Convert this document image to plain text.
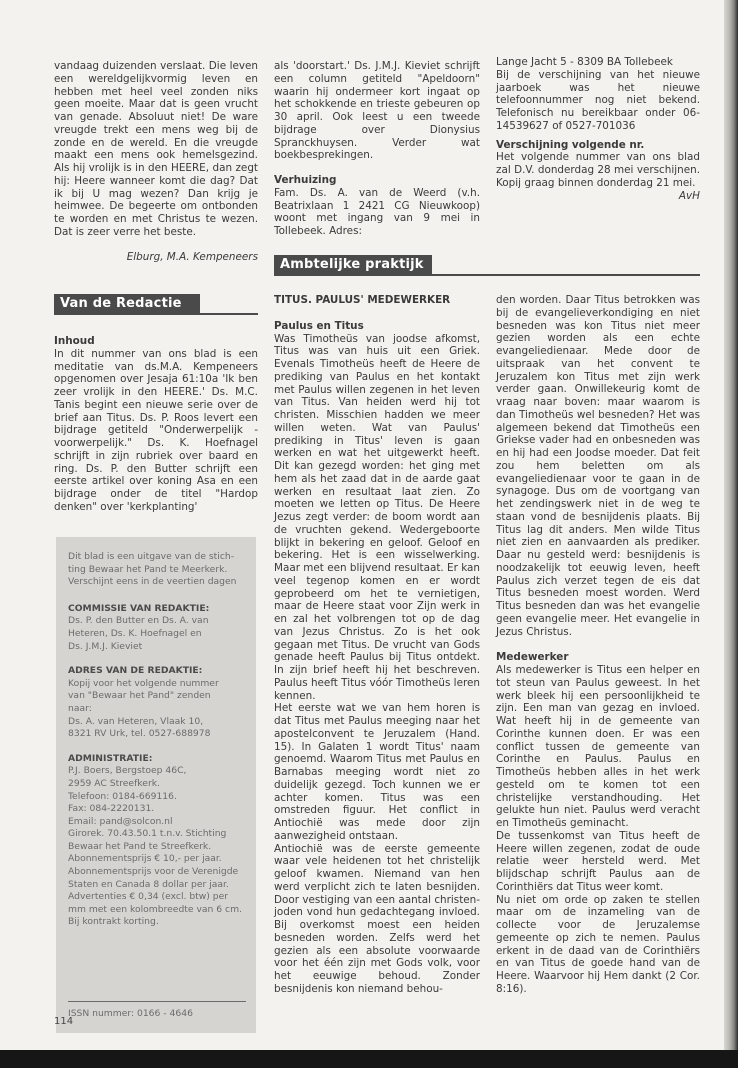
vandaag duizenden verslaat. Die leven een wereldgelijkvormig leven en hebben met heel veel zonden niks geen moeite. Maar dat is geen vrucht van genade. Absoluut niet! De ware vreugde trekt een mens weg bij de zonde en de wereld. En die vreugde maakt een mens ook hemelsgezind. Als hij vrolijk is in den HEERE, dan zegt hij: Heere wanneer komt die dag? Dat ik bij U mag wezen? Dan krijg je heimwee. De begeerte om ontbonden te worden en met Christus te wezen. Dat is zeer verre het beste.

Elburg, M.A. Kempeneers

Van de Redactie

Inhoud

In dit nummer van ons blad is een meditatie van ds.M.A. Kempeneers opgenomen over Jesaja 61:10a 'Ik ben zeer vrolijk in den HEERE.' Ds. M.C. Tanis begint een nieuwe serie over de brief aan Titus. Ds. P. Roos levert een bijdrage getiteld "Onderwerpelijk - voorwerpelijk." Ds. K. Hoefnagel schrijft in zijn rubriek over baard en ring. Ds. P. den Butter schrijft een eerste artikel over koning Asa en een bijdrage onder de titel "Hardop denken" over 'kerkplanting'

Dit blad is een uitgave van de stich-
ting Bewaar het Pand te Meerkerk.
Verschijnt eens in de veertien dagen
COMMISSIE VAN REDAKTIE:
Ds. P. den Butter en Ds. A. van
Heteren, Ds. K. Hoefnagel en
Ds. J.M.J. Kieviet
ADRES VAN DE REDAKTIE:
Kopij voor het volgende nummer
van "Bewaar het Pand" zenden
naar:
Ds. A. van Heteren, Vlaak 10,
8321 RV Urk, tel. 0527-688978
ADMINISTRATIE:
P.J. Boers, Bergstoep 46C,
2959 AC Streefkerk.
Telefoon: 0184-669116.
Fax: 084-2220131.
Email: pand@solcon.nl
Girorek. 70.43.50.1 t.n.v. Stichting
Bewaar het Pand te Streefkerk.
Abonnementsprijs € 10,- per jaar.
Abonnementsprijs voor de Verenigde
Staten en Canada 8 dollar per jaar.
Advertenties € 0,34 (excl. btw) per
mm met een kolombreedte van 6 cm.
Bij kontrakt korting.
ISSN nummer: 0166 - 4646
114

als 'doorstart.' Ds. J.M.J. Kieviet schrijft een column getiteld "Apeldoorn" waarin hij ondermeer kort ingaat op het schokkende en trieste gebeuren op 30 april. Ook leest u een tweede bijdrage over Dionysius Spranckhuysen. Verder wat boekbesprekingen.

Verhuizing

Fam. Ds. A. van de Weerd (v.h. Beatrixlaan 1 2421 CG Nieuwkoop) woont met ingang van 9 mei in Tollebeek. Adres:

Ambtelijke praktijk

TITUS. PAULUS' MEDEWERKER

Paulus en Titus

Was Timotheüs van joodse afkomst, Titus was van huis uit een Griek. Evenals Timotheüs heeft de Heere de prediking van Paulus en het kontakt met Paulus willen zegenen in het leven van Titus. Van heiden werd hij tot christen. Misschien hadden we meer willen weten. Wat van Paulus' prediking in Titus' leven is gaan werken en wat het uitgewerkt heeft. Dit kan gezegd worden: het ging met hem als het zaad dat in de aarde gaat werken en resultaat laat zien. Zo moeten we letten op Titus. De Heere Jezus zegt verder: de boom wordt aan de vruchten gekend. Wedergeboorte blijkt in bekering en geloof. Geloof en bekering. Het is een wisselwerking. Maar met een blijvend resultaat. Er kan veel tegenop komen en er wordt geprobeerd om het te vernietigen, maar de Heere staat voor Zijn werk in en zal het volbrengen tot op de dag van Jezus Christus. Zo is het ook gegaan met Titus. De vrucht van Gods genade heeft Paulus bij Titus ontdekt. In zijn brief heeft hij het beschreven. Paulus heeft Titus vóór Timotheüs leren kennen.

Het eerste wat we van hem horen is dat Titus met Paulus meeging naar het apostelconvent te Jeruzalem (Hand. 15). In Galaten 1 wordt Titus' naam genoemd. Waarom Titus met Paulus en Barnabas meeging wordt niet zo duidelijk gezegd. Toch kunnen we er achter komen. Titus was een omstreden figuur. Het conflict in Antiochië was mede door zijn aanwezigheid ontstaan.

Antiochië was de eerste gemeente waar vele heidenen tot het christelijk geloof kwamen. Niemand van hen werd verplicht zich te laten besnijden. Door vestiging van een aantal christen-joden vond hun gedachtegang invloed. Bij overkomst moest een heiden besneden worden. Zelfs werd het gezien als een absolute voorwaarde voor het één zijn met Gods volk, voor het eeuwige behoud. Zonder besnijdenis kon niemand behou-

Lange Jacht 5 - 8309 BA Tollebeek
Bij de verschijning van het nieuwe jaarboek was het nieuwe telefoonnummer nog niet bekend. Telefonisch nu bereikbaar onder 06-14539627 of 0527-701036

Verschijning volgende nr.

Het volgende nummer van ons blad zal D.V. donderdag 28 mei verschijnen. Kopij graag binnen donderdag 21 mei.

AvH

den worden. Daar Titus betrokken was bij de evangelieverkondiging en niet besneden was kon Titus niet meer gezien worden als een echte evangeliedienaar. Mede door de uitspraak van het convent te Jeruzalem kon Titus met zijn werk verder gaan. Onwillekeurig komt de vraag naar boven: maar waarom is dan Timotheüs wel besneden? Het was algemeen bekend dat Timotheüs een Griekse vader had en onbesneden was en hij had een Joodse moeder. Dat feit zou hem beletten om als evangeliedienaar voor te gaan in de synagoge. Dus om de voortgang van het zendingswerk niet in de weg te staan vond de besnijdenis plaats. Bij Titus lag dit anders. Men wilde Titus niet zien en aanvaarden als prediker. Daar nu gesteld werd: besnijdenis is noodzakelijk tot eeuwig leven, heeft Paulus zich verzet tegen de eis dat Titus besneden moest worden. Werd Titus besneden dan was het evangelie geen evangelie meer. Het evangelie in Jezus Christus.

Medewerker

Als medewerker is Titus een helper en tot steun van Paulus geweest. In het werk bleek hij een persoonlijkheid te zijn. Een man van gezag en invloed. Wat heeft hij in de gemeente van Corinthe kunnen doen. Er was een conflict tussen de gemeente van Corinthe en Paulus. Paulus en Timotheüs hebben alles in het werk gesteld om te komen tot een christelijke verstandhouding. Het gelukte hun niet. Paulus werd veracht en Timotheüs geminacht.

De tussenkomst van Titus heeft de Heere willen zegenen, zodat de oude relatie weer hersteld werd. Met blijdschap schrijft Paulus aan de Corinthiërs dat Titus weer komt.

Nu niet om orde op zaken te stellen maar om de inzameling van de collecte voor de Jeruzalemse gemeente op zich te nemen. Paulus erkent in de daad van de Corinthiërs en van Titus de goede hand van de Heere. Waarvoor hij Hem dankt (2 Cor. 8:16).
